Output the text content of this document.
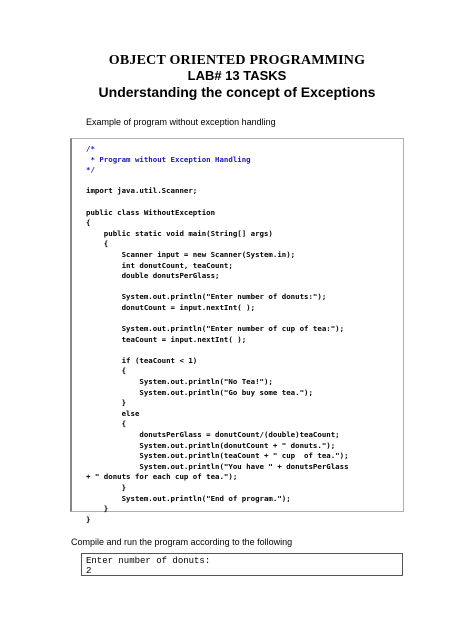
OBJECT ORIENTED PROGRAMMING
LAB# 13 TASKS
Understanding the concept of Exceptions
Example of program without exception handling
/*
* Program without Exception Handling
*/
import java.util.Scanner;
public class WithoutException
{
public static void main(String[] args)
{
Scanner input = new Scanner(System.in);
int donutCount, teaCount;
double donutsPerGlass;
System.out.println("Enter number of donuts:");
donutCount = input.nextInt( );
System.out.println("Enter number of cup of tea:");
teaCount = input.nextInt( );
if (teaCount < 1)
{
System.out.println("No Tea!");
System.out.println("Go buy some tea.");
}
else
{
donutsPerGlass = donutCount/(double)teaCount;
System.out.println(donutCount + " donuts.");
System.out.println(teaCount + " cup  of tea.");
System.out.println("You have " + donutsPerGlass
+ " donuts for each cup of tea.");
}
System.out.println("End of program.");
}
}
Compile and run the program according to the following
Enter number of donuts:
2
